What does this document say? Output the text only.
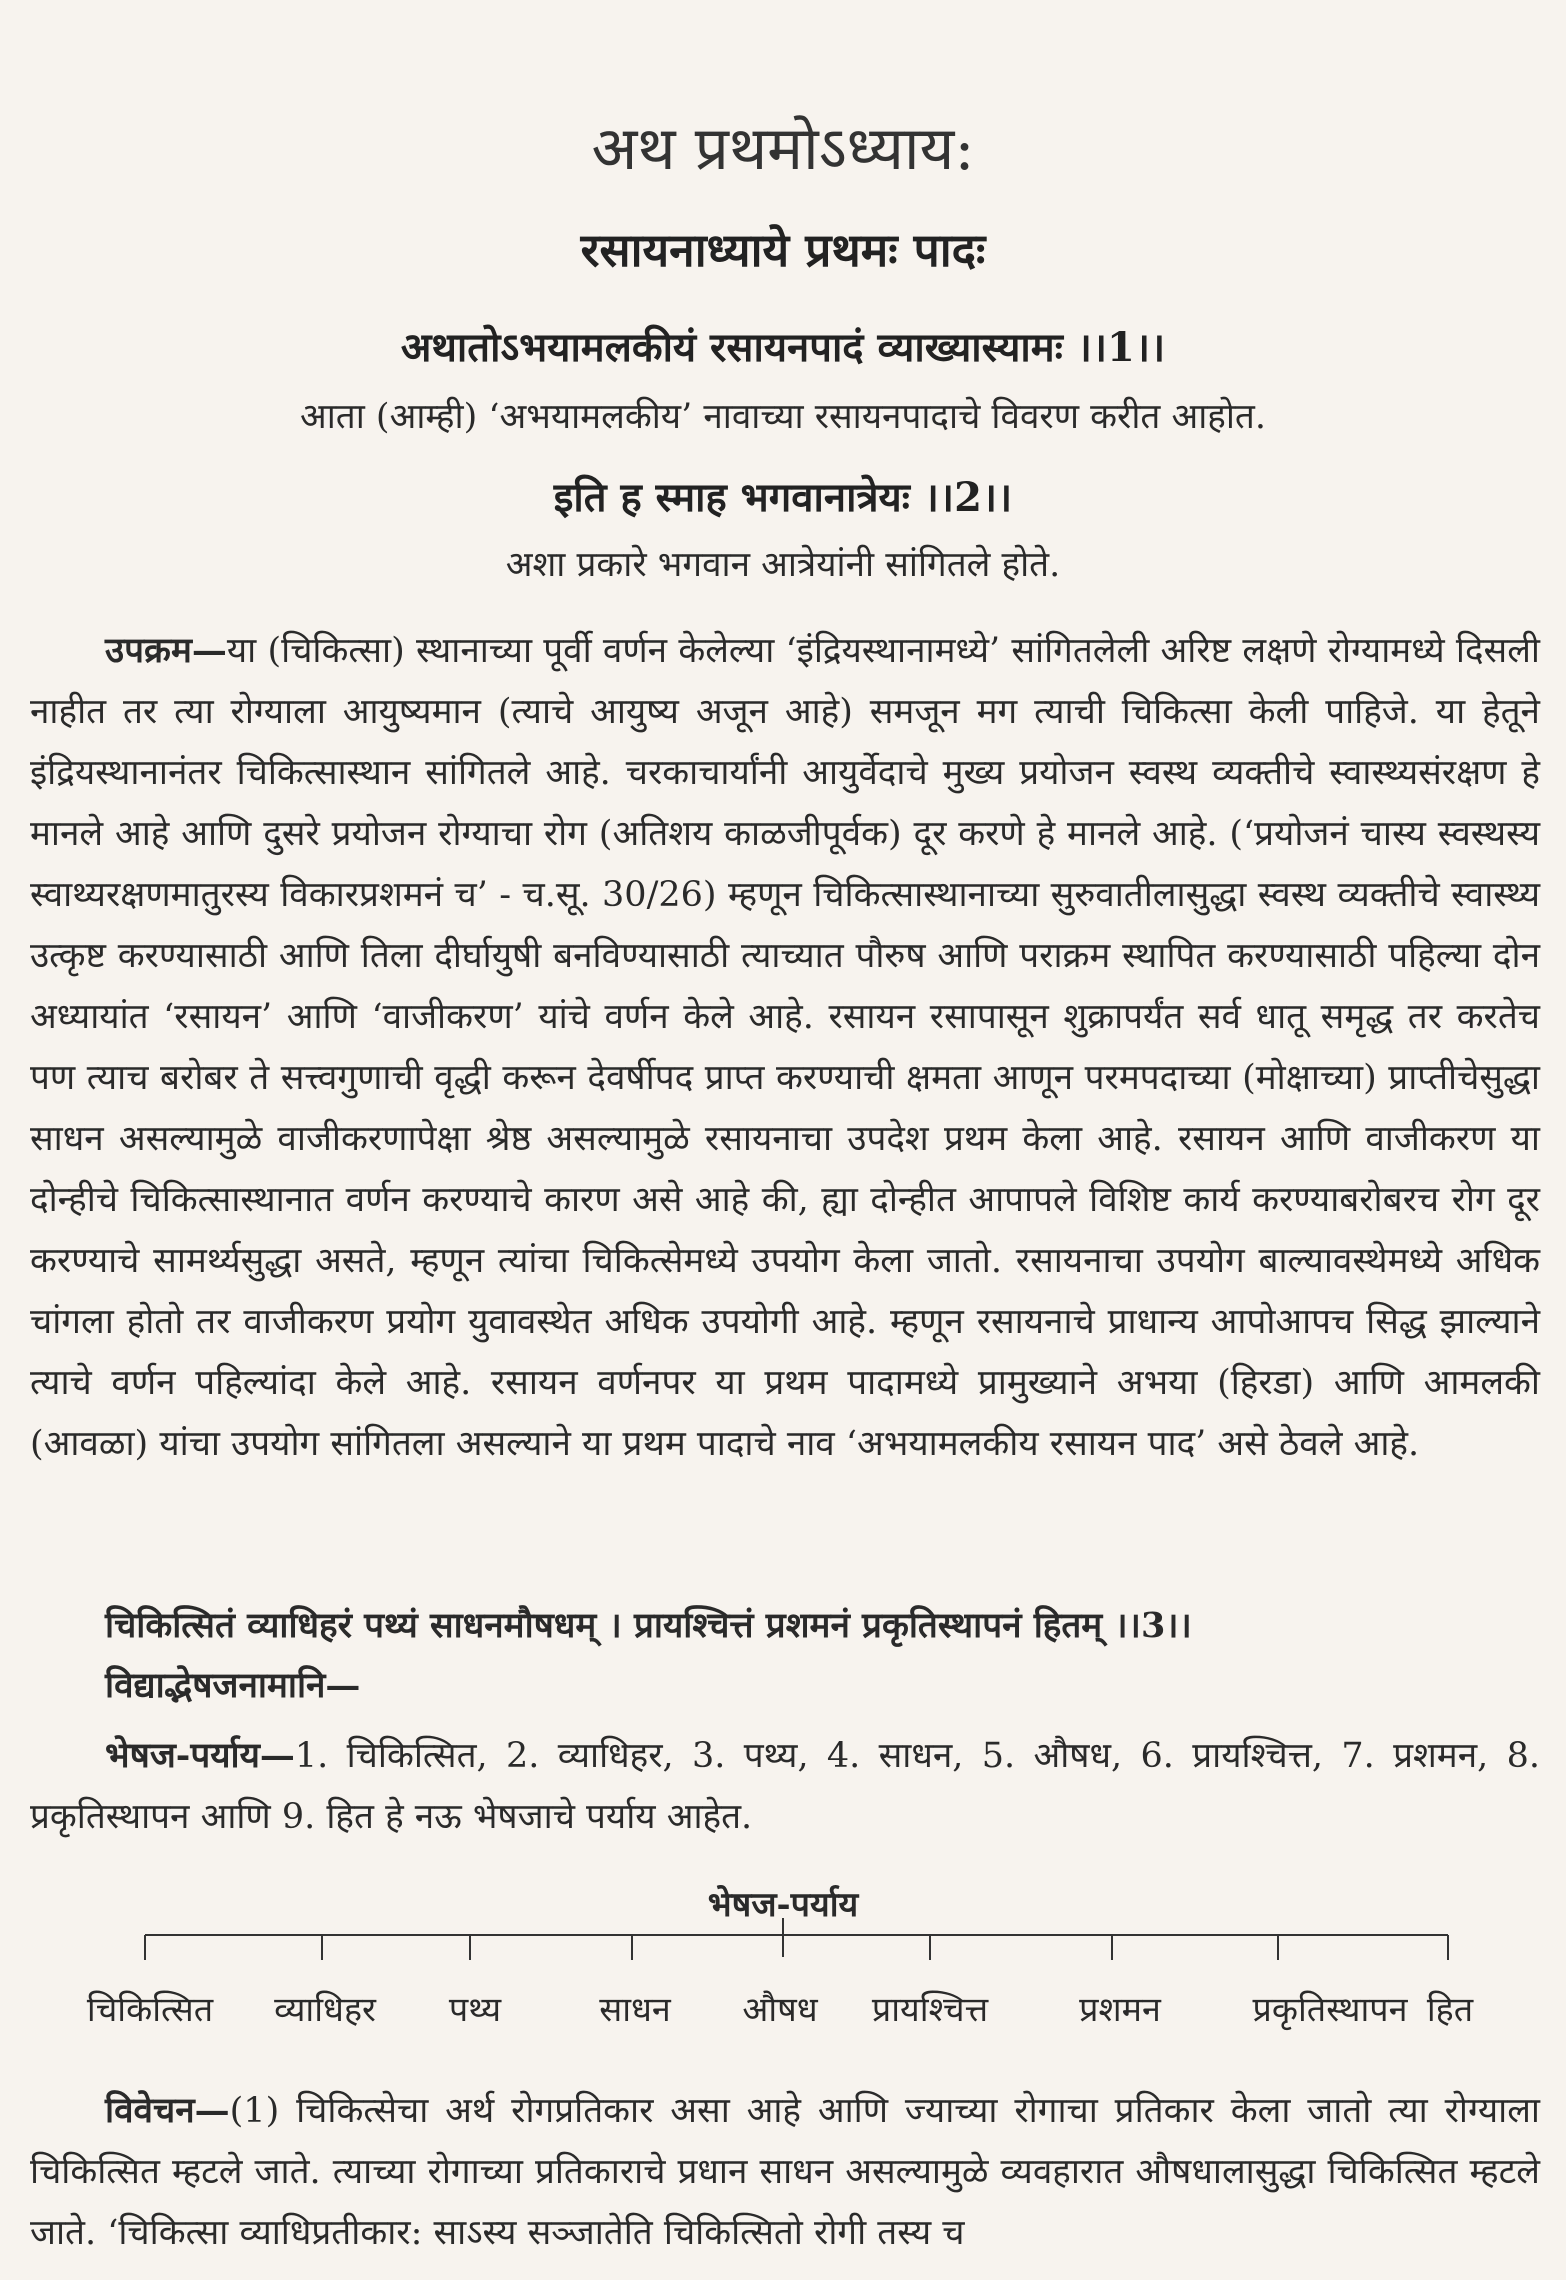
अथ प्रथमोऽध्याय:
रसायनाध्याये प्रथमः पादः
अथातोऽभयामलकीयं रसायनपादं व्याख्यास्यामः ।।1।।
आता (आम्ही) ‘अभयामलकीय’ नावाच्या रसायनपादाचे विवरण करीत आहोत.
इति ह स्माह भगवानात्रेयः ।।2।।
अशा प्रकारे भगवान आत्रेयांनी सांगितले होते.
उपक्रम—या (चिकित्सा) स्थानाच्या पूर्वी वर्णन केलेल्या ‘इंद्रियस्थानामध्ये’ सांगितलेली अरिष्ट लक्षणे रोग्यामध्ये दिसली नाहीत तर त्या रोग्याला आयुष्यमान (त्याचे आयुष्य अजून आहे) समजून मग त्याची चिकित्सा केली पाहिजे. या हेतूने इंद्रियस्थानानंतर चिकित्सास्थान सांगितले आहे. चरकाचार्यांनी आयुर्वेदाचे मुख्य प्रयोजन स्वस्थ व्यक्तीचे स्वास्थ्यसंरक्षण हे मानले आहे आणि दुसरे प्रयोजन रोग्याचा रोग (अतिशय काळजीपूर्वक) दूर करणे हे मानले आहे. (‘प्रयोजनं चास्य स्वस्थस्य स्वाथ्यरक्षणमातुरस्य विकारप्रशमनं च’ - च.सू. 30/26) म्हणून चिकित्सास्थानाच्या सुरुवातीलासुद्धा स्वस्थ व्यक्तीचे स्वास्थ्य उत्कृष्ट करण्यासाठी आणि तिला दीर्घायुषी बनविण्यासाठी त्याच्यात पौरुष आणि पराक्रम स्थापित करण्यासाठी पहिल्या दोन अध्यायांत ‘रसायन’ आणि ‘वाजीकरण’ यांचे वर्णन केले आहे. रसायन रसापासून शुक्रापर्यंत सर्व धातू समृद्ध तर करतेच पण त्याच बरोबर ते सत्त्वगुणाची वृद्धी करून देवर्षीपद प्राप्त करण्याची क्षमता आणून परमपदाच्या (मोक्षाच्या) प्राप्तीचेसुद्धा साधन असल्यामुळे वाजीकरणापेक्षा श्रेष्ठ असल्यामुळे रसायनाचा उपदेश प्रथम केला आहे. रसायन आणि वाजीकरण या दोन्हीचे चिकित्सास्थानात वर्णन करण्याचे कारण असे आहे की, ह्या दोन्हीत आपापले विशिष्ट कार्य करण्याबरोबरच रोग दूर करण्याचे सामर्थ्यसुद्धा असते, म्हणून त्यांचा चिकित्सेमध्ये उपयोग केला जातो. रसायनाचा उपयोग बाल्यावस्थेमध्ये अधिक चांगला होतो तर वाजीकरण प्रयोग युवावस्थेत अधिक उपयोगी आहे. म्हणून रसायनाचे प्राधान्य आपोआपच सिद्ध झाल्याने त्याचे वर्णन पहिल्यांदा केले आहे. रसायन वर्णनपर या प्रथम पादामध्ये प्रामुख्याने अभया (हिरडा) आणि आमलकी (आवळा) यांचा उपयोग सांगितला असल्याने या प्रथम पादाचे नाव ‘अभयामलकीय रसायन पाद’ असे ठेवले आहे.
चिकित्सितं व्याधिहरं पथ्यं साधनमौषधम् । प्रायश्चित्तं प्रशमनं प्रकृतिस्थापनं हितम् ।।3।।
विद्याद्भेषजनामानि—
भेषज-पर्याय—1. चिकित्सित, 2. व्याधिहर, 3. पथ्य, 4. साधन, 5. औषध, 6. प्रायश्चित्त, 7. प्रशमन, 8. प्रकृतिस्थापन आणि 9. हित हे नऊ भेषजाचे पर्याय आहेत.
भेषज-पर्याय
चिकित्सित व्याधिहर पथ्य	साधन औषध प्रायश्चित्त	प्रशमन	प्रकृतिस्थापन हित
विवेचन—(1) चिकित्सेचा अर्थ रोगप्रतिकार असा आहे आणि ज्याच्या रोगाचा प्रतिकार केला जातो त्या रोग्याला चिकित्सित म्हटले जाते. त्याच्या रोगाच्या प्रतिकाराचे प्रधान साधन असल्यामुळे व्यवहारात औषधालासुद्धा चिकित्सित म्हटले जाते. ‘चिकित्सा व्याधिप्रतीकार: साऽस्य सञ्जातेति चिकित्सितो रोगी तस्य च
